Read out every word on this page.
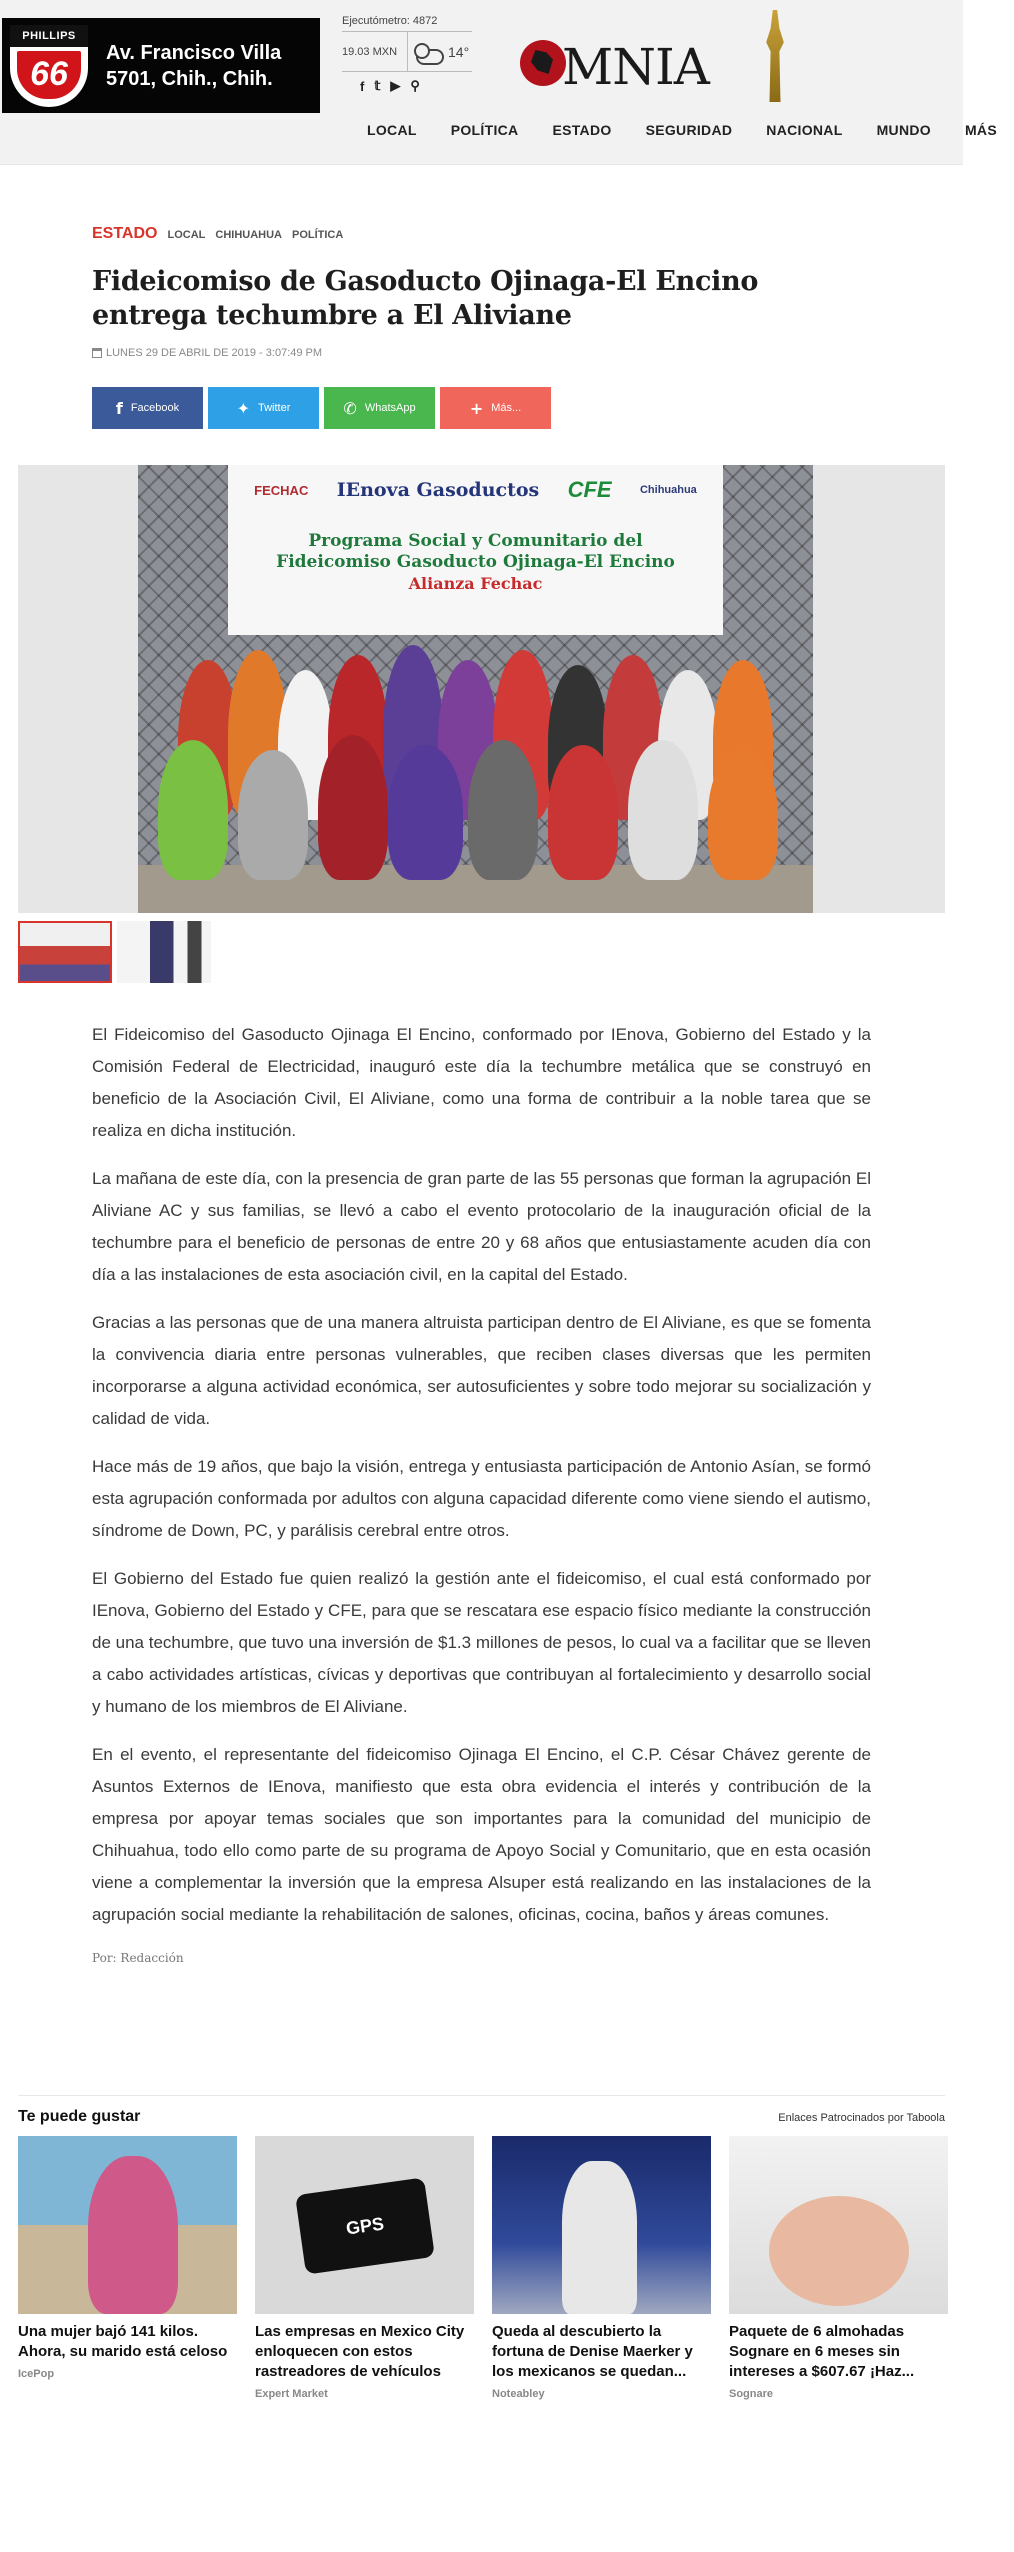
PHILLIPS
66
Av. Francisco Villa
5701, Chih., Chih.
Ejecutómetro: 4872
19.03 MXN	14°
f 𝕥 ▶ ⚲	MNIA
LOCAL	POLÍTICA	ESTADO	SEGURIDAD	NACIONAL	MUNDO	MÁS
ESTADO LOCAL CHIHUAHUA POLÍTICA
Fideicomiso de Gasoducto Ojinaga-El Encino entrega techumbre a El Aliviane
LUNES 29 DE ABRIL DE 2019 - 3:07:49 PM
f Facebook	✦ Twitter	✆ WhatsApp	+ Más...
FECHAC IEnova Gasoductos CFE	Chihuahua
Programa Social y Comunitario del
Fideicomiso Gasoducto Ojinaga-El Encino
Alianza Fechac

El Fideicomiso del Gasoducto Ojinaga El Encino, conformado por IEnova, Gobierno del Estado y la Comisión Federal de Electricidad, inauguró este día la techumbre metálica que se construyó en beneficio de la Asociación Civil, El Aliviane, como una forma de contribuir a la noble tarea que se realiza en dicha institución.

La mañana de este día, con la presencia de gran parte de las 55 personas que forman la agrupación El Aliviane AC y sus familias, se llevó a cabo el evento protocolario de la inauguración oficial de la techumbre para el beneficio de personas de entre 20 y 68 años que entusiastamente acuden día con día a las instalaciones de esta asociación civil, en la capital del Estado.

Gracias a las personas que de una manera altruista participan dentro de El Aliviane, es que se fomenta la convivencia diaria entre personas vulnerables, que reciben clases diversas que les permiten incorporarse a alguna actividad económica, ser autosuficientes y sobre todo mejorar su socialización y calidad de vida.

Hace más de 19 años, que bajo la visión, entrega y entusiasta participación de Antonio Asían, se formó esta agrupación conformada por adultos con alguna capacidad diferente como viene siendo el autismo, síndrome de Down, PC, y parálisis cerebral entre otros.

El Gobierno del Estado fue quien realizó la gestión ante el fideicomiso, el cual está conformado por IEnova, Gobierno del Estado y CFE, para que se rescatara ese espacio físico mediante la construcción de una techumbre, que tuvo una inversión de $1.3 millones de pesos, lo cual va a facilitar que se lleven a cabo actividades artísticas, cívicas y deportivas que contribuyan al fortalecimiento y desarrollo social y humano de los miembros de El Aliviane.

En el evento, el representante del fideicomiso Ojinaga El Encino, el C.P. César Chávez gerente de Asuntos Externos de IEnova, manifiesto que esta obra evidencia el interés y contribución de la empresa por apoyar temas sociales que son importantes para la comunidad del municipio de Chihuahua, todo ello como parte de su programa de Apoyo Social y Comunitario, que en esta ocasión viene a complementar la inversión que la empresa Alsuper está realizando en las instalaciones de la agrupación social mediante la rehabilitación de salones, oficinas, cocina, baños y áreas comunes.

Por: Redacción
Te puede gustar	Enlaces Patrocinados por Taboola
Una mujer bajó 141 kilos. Ahora, su marido está celoso
IcePop
GPS
Las empresas en Mexico City enloquecen con estos rastreadores de vehículos
Expert Market
Queda al descubierto la fortuna de Denise Maerker y los mexicanos se quedan...
Noteabley
Paquete de 6 almohadas Sognare en 6 meses sin intereses a $607.67 ¡Haz...
Sognare
